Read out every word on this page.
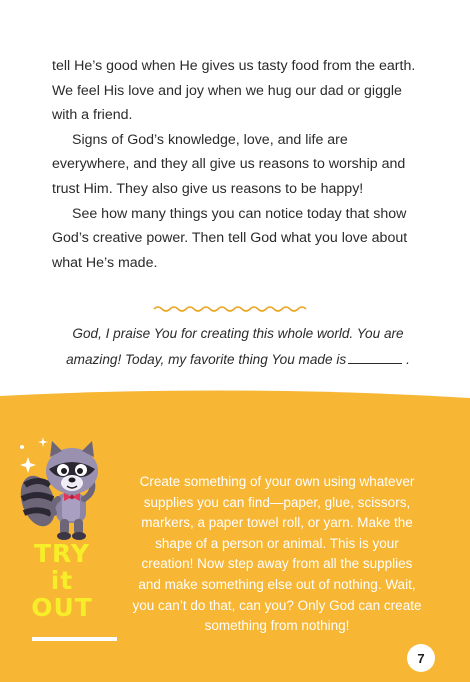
tell He’s good when He gives us tasty food from the earth. We feel His love and joy when we hug our dad or giggle with a friend.

Signs of God’s knowledge, love, and life are everywhere, and they all give us reasons to worship and trust Him. They also give us reasons to be happy!

See how many things you can notice today that show God’s creative power. Then tell God what you love about what He’s made.

God, I praise You for creating this whole world. You are

amazing! Today, my favorite thing You made is	.

TRY
it
OUT

Create something of your own using whatever supplies you can find—paper, glue, scissors, markers, a paper towel roll, or yarn. Make the shape of a person or animal. This is your creation! Now step away from all the supplies and make something else out of nothing. Wait, you can’t do that, can you? Only God can create something from nothing!

7
